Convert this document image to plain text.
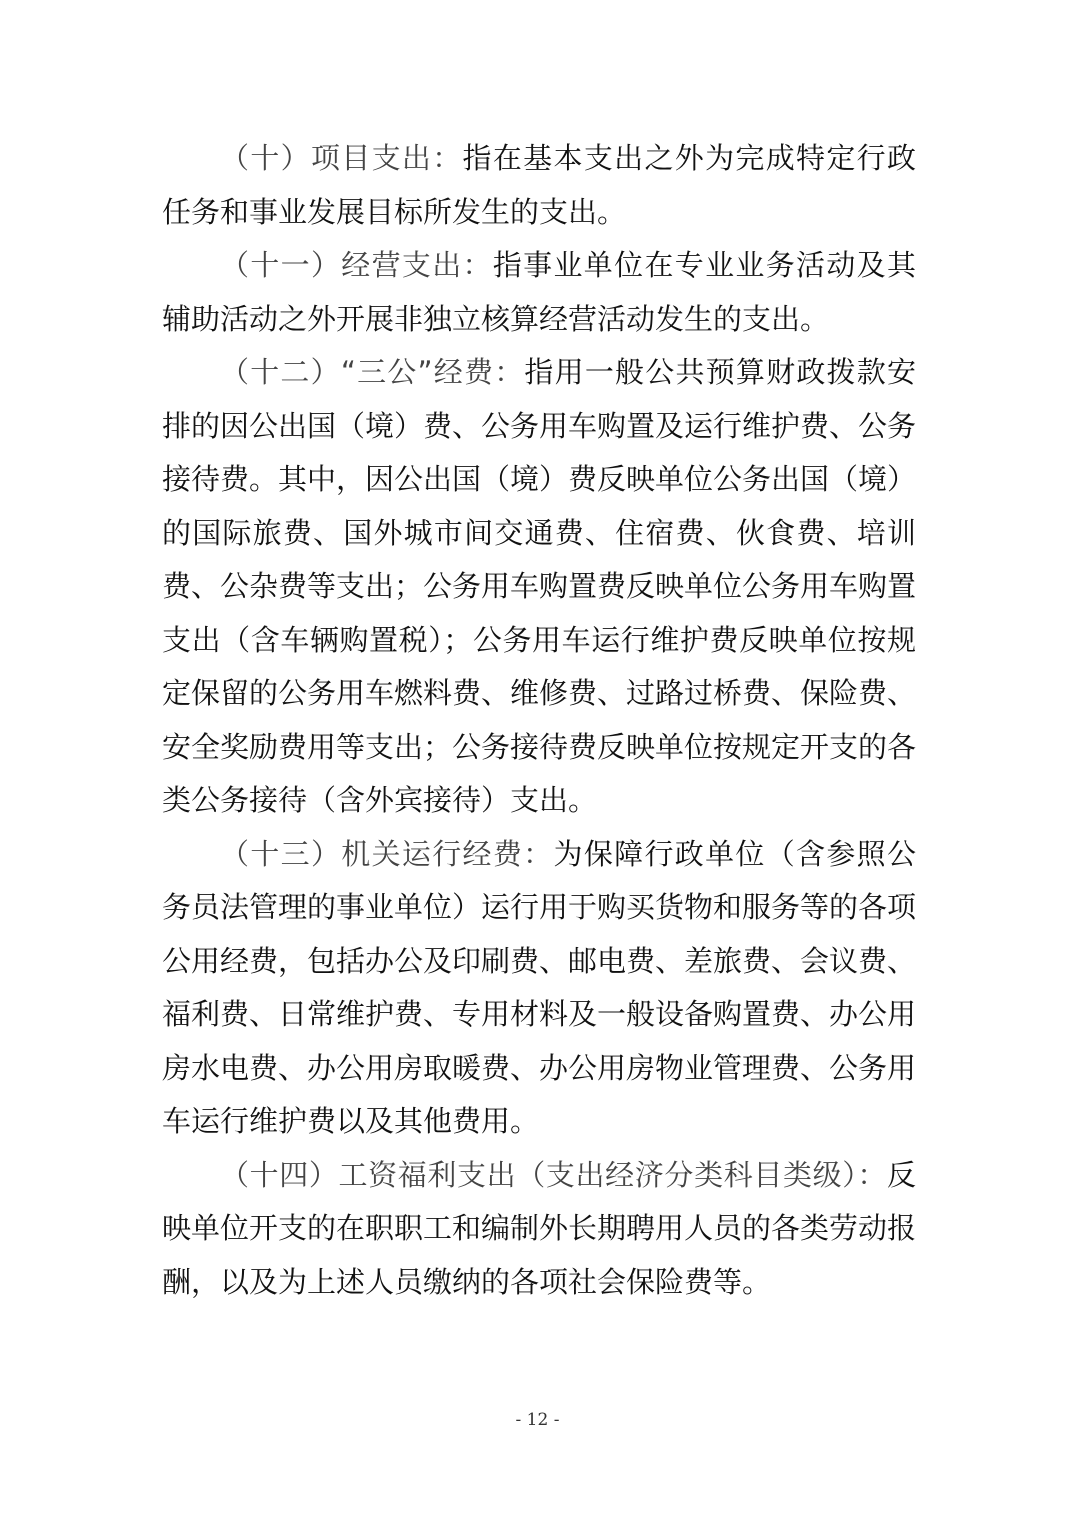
（十）项目支出：指在基本支出之外为完成特定行政任务和事业发展目标所发生的支出。

（十一）经营支出：指事业单位在专业业务活动及其辅助活动之外开展非独立核算经营活动发生的支出。

（十二）“三公”经费：指用一般公共预算财政拨款安排的因公出国（境）费、公务用车购置及运行维护费、公务接待费。其中，因公出国（境）费反映单位公务出国（境）的国际旅费、国外城市间交通费、住宿费、伙食费、培训费、公杂费等支出；公务用车购置费反映单位公务用车购置支出（含车辆购置税）；公务用车运行维护费反映单位按规定保留的公务用车燃料费、维修费、过路过桥费、保险费、安全奖励费用等支出；公务接待费反映单位按规定开支的各类公务接待（含外宾接待）支出。

（十三）机关运行经费：为保障行政单位（含参照公务员法管理的事业单位）运行用于购买货物和服务等的各项公用经费，包括办公及印刷费、邮电费、差旅费、会议费、福利费、日常维护费、专用材料及一般设备购置费、办公用房水电费、办公用房取暖费、办公用房物业管理费、公务用车运行维护费以及其他费用。

（十四）工资福利支出（支出经济分类科目类级）：反映单位开支的在职职工和编制外长期聘用人员的各类劳动报酬，以及为上述人员缴纳的各项社会保险费等。

- 12 -
